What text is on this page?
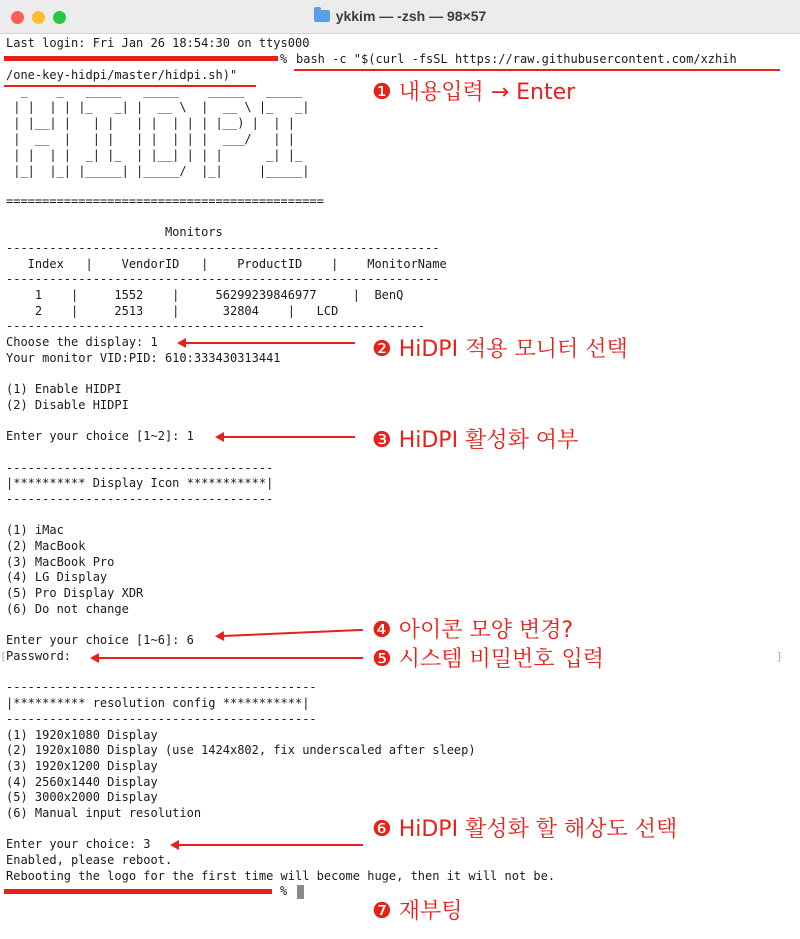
ykkim — -zsh — 98×57
Last login: Fri Jan 26 18:54:30 on ttys000
% bash -c "$(curl -fsSL https://raw.githubusercontent.com/xzhih
/one-key-hidpi/master/hidpi.sh)"
_    _   _____   _____    _____   _____
| |  | | |_   _| |  __ \  |  __ \ |_   _|
| |__| |   | |   | |  | | | |__) |  | |
|  __  |   | |   | |  | | |  ___/   | |
| |  | |  _| |_  | |__| | | |      _| |_
|_|  |_| |_____| |_____/  |_|     |_____|
============================================
Monitors
------------------------------------------------------------
Index   |    VendorID   |    ProductID    |    MonitorName
------------------------------------------------------------
1    |     1552    |     56299239846977     |  BenQ
2    |     2513    |      32804    |   LCD
----------------------------------------------------------
Choose the display: 1
Your monitor VID:PID: 610:333430313441
(1) Enable HIDPI
(2) Disable HIDPI
Enter your choice [1~2]: 1
-------------------------------------
|********** Display Icon ***********|
-------------------------------------
(1) iMac
(2) MacBook
(3) MacBook Pro
(4) LG Display
(5) Pro Display XDR
(6) Do not change
Enter your choice [1~6]: 6
Password:
[	]
-------------------------------------------
|********** resolution config ***********|
-------------------------------------------
(1) 1920x1080 Display
(2) 1920x1080 Display (use 1424x802, fix underscaled after sleep)
(3) 1920x1200 Display
(4) 2560x1440 Display
(5) 3000x2000 Display
(6) Manual input resolution
Enter your choice: 3
Enabled, please reboot.
Rebooting the logo for the first time will become huge, then it will not be.
%
❶ 내용입력 → Enter
❷ HiDPI 적용 모니터 선택
❸ HiDPI 활성화 여부
❹ 아이콘 모양 변경?
❺ 시스템 비밀번호 입력
❻ HiDPI 활성화 할 해상도 선택
❼ 재부팅
